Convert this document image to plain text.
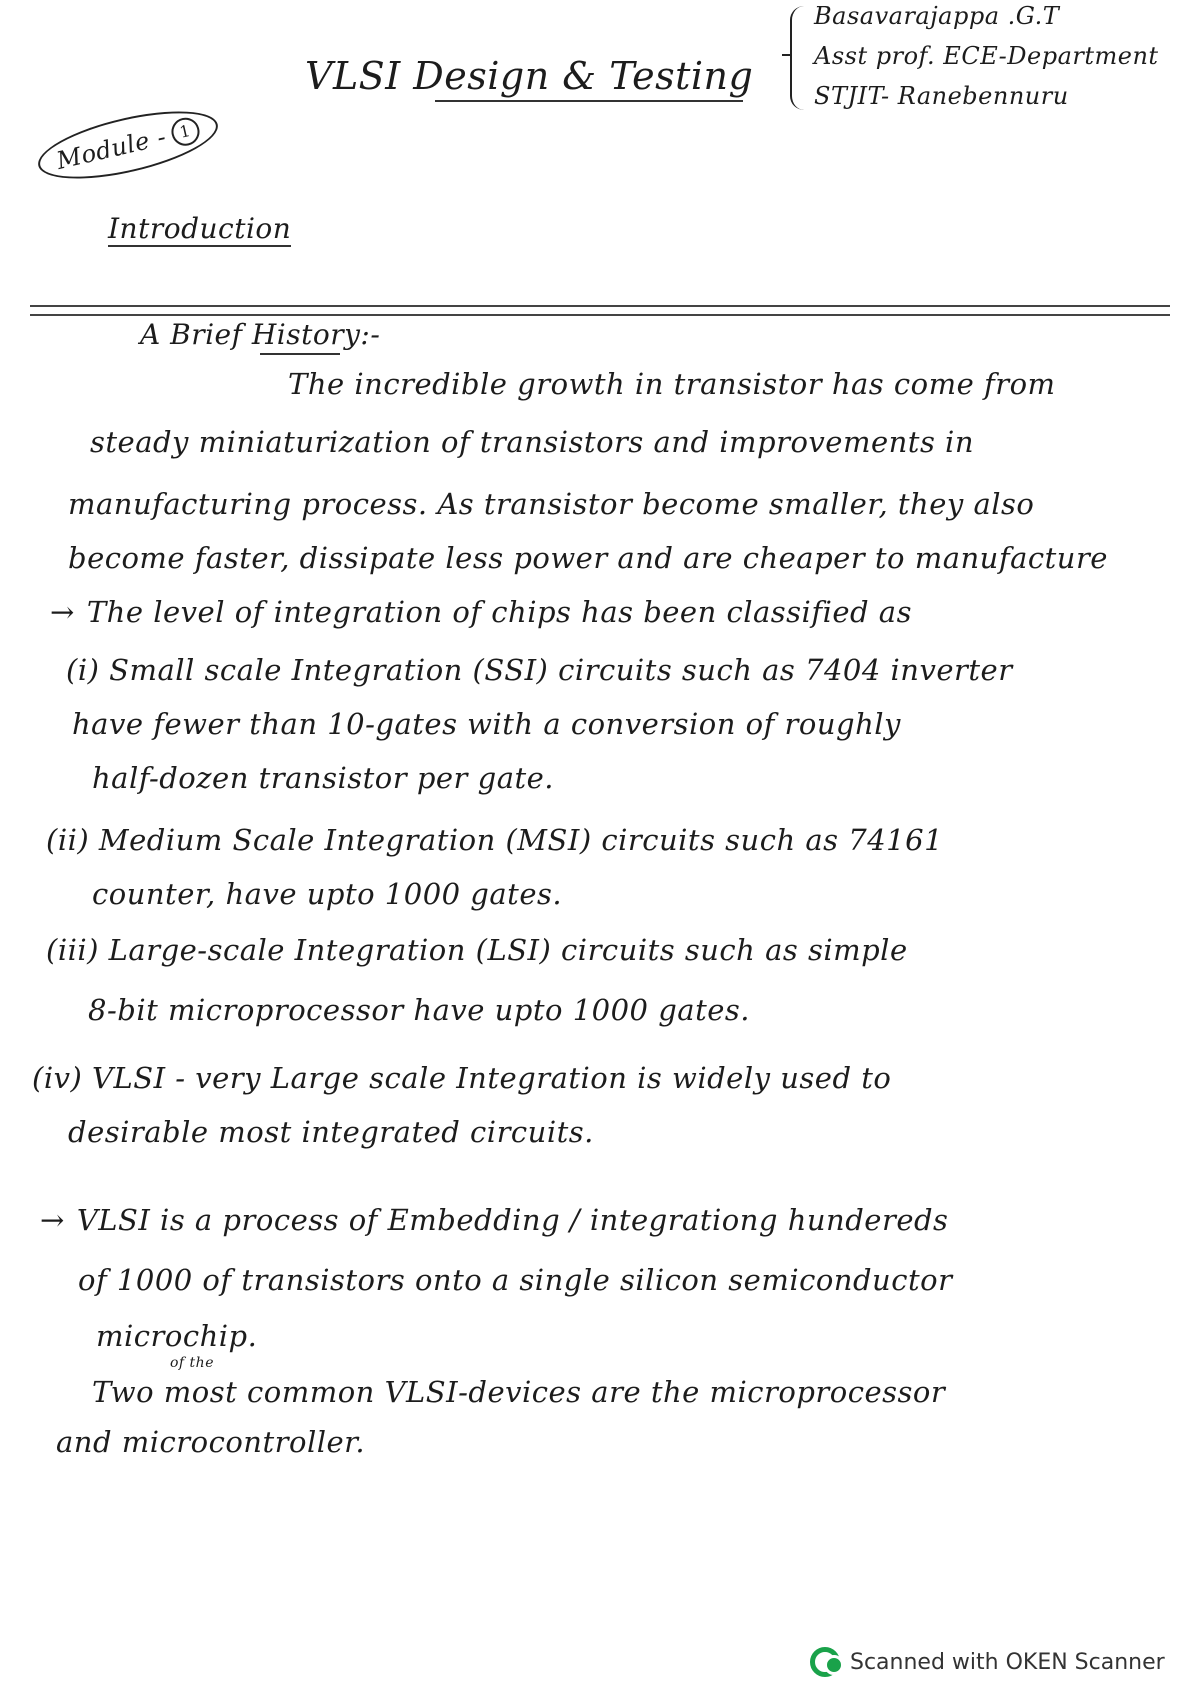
Basavarajappa .G.T
Asst prof. ECE-Department
STJIT- Ranebennuru
VLSI Design & Testing
Module
- 1
Introduction
A Brief History:-
The incredible growth in transistor has come from
steady miniaturization of transistors and improvements in
manufacturing process. As transistor become smaller, they also
become faster, dissipate less power and are cheaper to manufacture
→ The level of integration of chips has been classified as
(i) Small scale Integration (SSI) circuits such as 7404 inverter
have fewer than 10-gates with a conversion of roughly
half-dozen transistor per gate.
(ii) Medium Scale Integration (MSI) circuits such as 74161
counter, have upto 1000 gates.
(iii) Large-scale Integration (LSI) circuits such as simple
8-bit microprocessor have upto 1000 gates.
(iv) VLSI - very Large scale Integration is widely used to
desirable most integrated circuits.
→ VLSI is a process of Embedding / integrationg hundereds
of 1000 of transistors onto a single silicon semiconductor
microchip.
of the
Two most common VLSI-devices are the microprocessor
and microcontroller.
Scanned with OKEN Scanner
